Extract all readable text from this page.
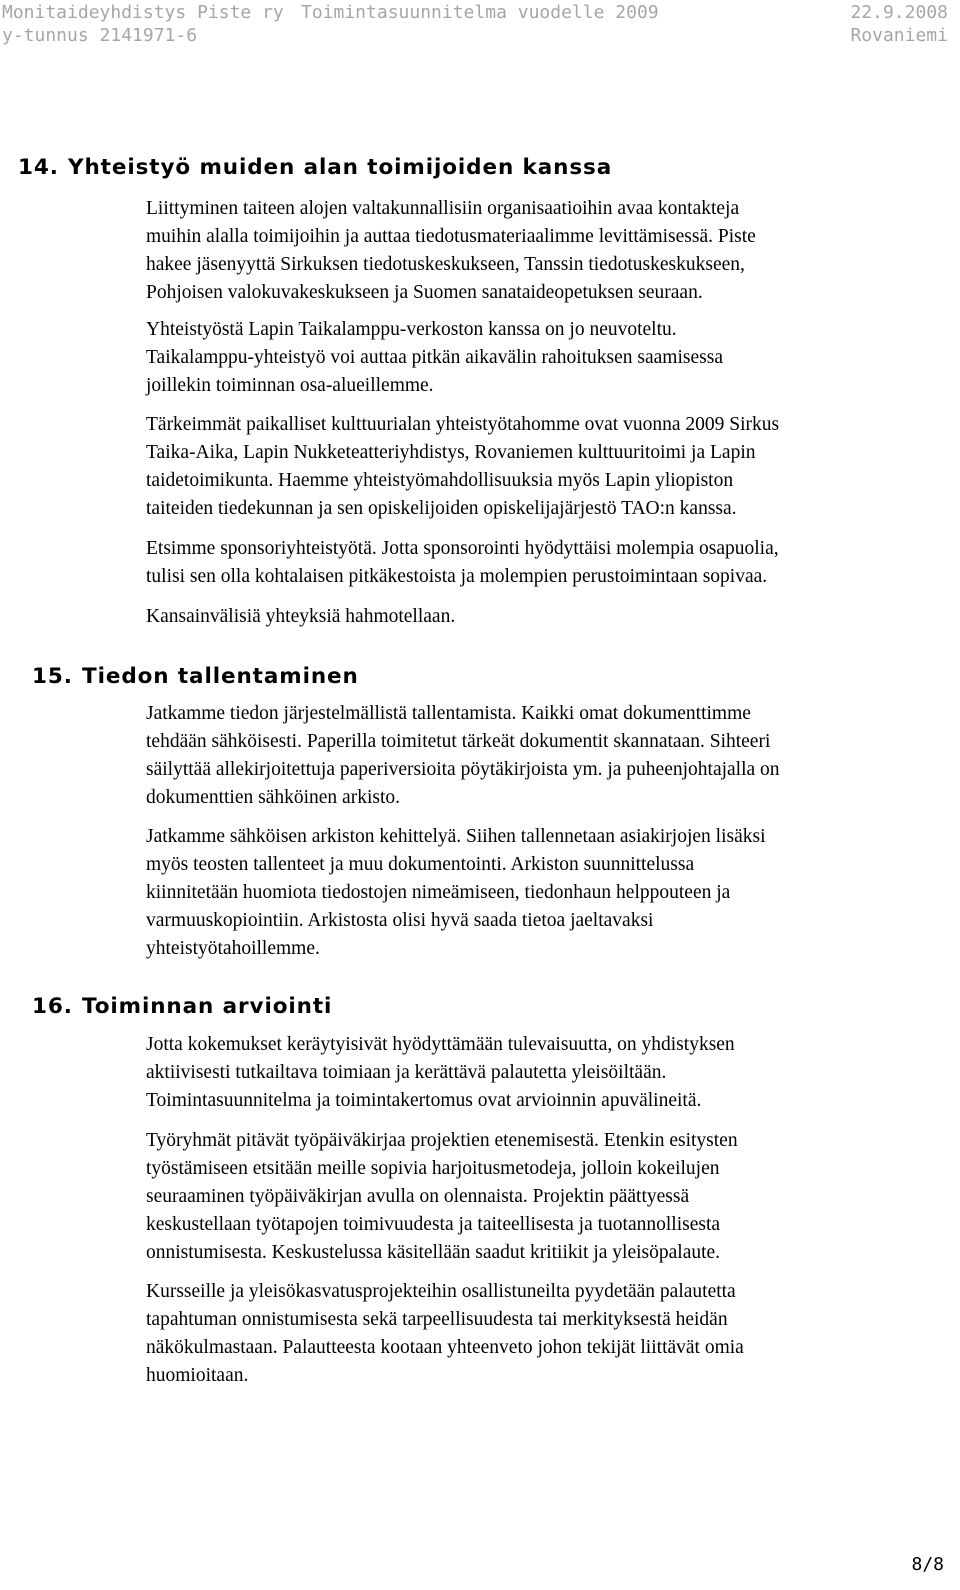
Monitaideyhdistys Piste ry Toimintasuunnitelma vuodelle 2009	22.9.2008
y-tunnus 2141971-6	Rovaniemi
14. Yhteistyö muiden alan toimijoiden kanssa
Liittyminen taiteen alojen valtakunnallisiin organisaatioihin avaa kontakteja
muihin alalla toimijoihin ja auttaa tiedotusmateriaalimme levittämisessä. Piste
hakee jäsenyyttä Sirkuksen tiedotuskeskukseen, Tanssin tiedotuskeskukseen,
Pohjoisen valokuvakeskukseen ja Suomen sanataideopetuksen seuraan.
Yhteistyöstä Lapin Taikalamppu-verkoston kanssa on jo neuvoteltu.
Taikalamppu-yhteistyö voi auttaa pitkän aikavälin rahoituksen saamisessa
joillekin toiminnan osa-alueillemme.
Tärkeimmät paikalliset kulttuurialan yhteistyötahomme ovat vuonna 2009 Sirkus
Taika-Aika, Lapin Nukketeatteriyhdistys, Rovaniemen kulttuuritoimi ja Lapin
taidetoimikunta. Haemme yhteistyömahdollisuuksia myös Lapin yliopiston
taiteiden tiedekunnan ja sen opiskelijoiden opiskelijajärjestö TAO:n kanssa.
Etsimme sponsoriyhteistyötä. Jotta sponsorointi hyödyttäisi molempia osapuolia,
tulisi sen olla kohtalaisen pitkäkestoista ja molempien perustoimintaan sopivaa.
Kansainvälisiä yhteyksiä hahmotellaan.
15. Tiedon tallentaminen
Jatkamme tiedon järjestelmällistä tallentamista. Kaikki omat dokumenttimme
tehdään sähköisesti. Paperilla toimitetut tärkeät dokumentit skannataan. Sihteeri
säilyttää allekirjoitettuja paperiversioita pöytäkirjoista ym. ja puheenjohtajalla on
dokumenttien sähköinen arkisto.
Jatkamme sähköisen arkiston kehittelyä. Siihen tallennetaan asiakirjojen lisäksi
myös teosten tallenteet ja muu dokumentointi. Arkiston suunnittelussa
kiinnitetään huomiota tiedostojen nimeämiseen, tiedonhaun helppouteen ja
varmuuskopiointiin. Arkistosta olisi hyvä saada tietoa jaeltavaksi
yhteistyötahoillemme.
16. Toiminnan arviointi
Jotta kokemukset keräytyisivät hyödyttämään tulevaisuutta, on yhdistyksen
aktiivisesti tutkailtava toimiaan ja kerättävä palautetta yleisöiltään.
Toimintasuunnitelma ja toimintakertomus ovat arvioinnin apuvälineitä.
Työryhmät pitävät työpäiväkirjaa projektien etenemisestä. Etenkin esitysten
työstämiseen etsitään meille sopivia harjoitusmetodeja, jolloin kokeilujen
seuraaminen työpäiväkirjan avulla on olennaista. Projektin päättyessä
keskustellaan työtapojen toimivuudesta ja taiteellisesta ja tuotannollisesta
onnistumisesta. Keskustelussa käsitellään saadut kritiikit ja yleisöpalaute.
Kursseille ja yleisökasvatusprojekteihin osallistuneilta pyydetään palautetta
tapahtuman onnistumisesta sekä tarpeellisuudesta tai merkityksestä heidän
näkökulmastaan. Palautteesta kootaan yhteenveto johon tekijät liittävät omia
huomioitaan.
8/8
